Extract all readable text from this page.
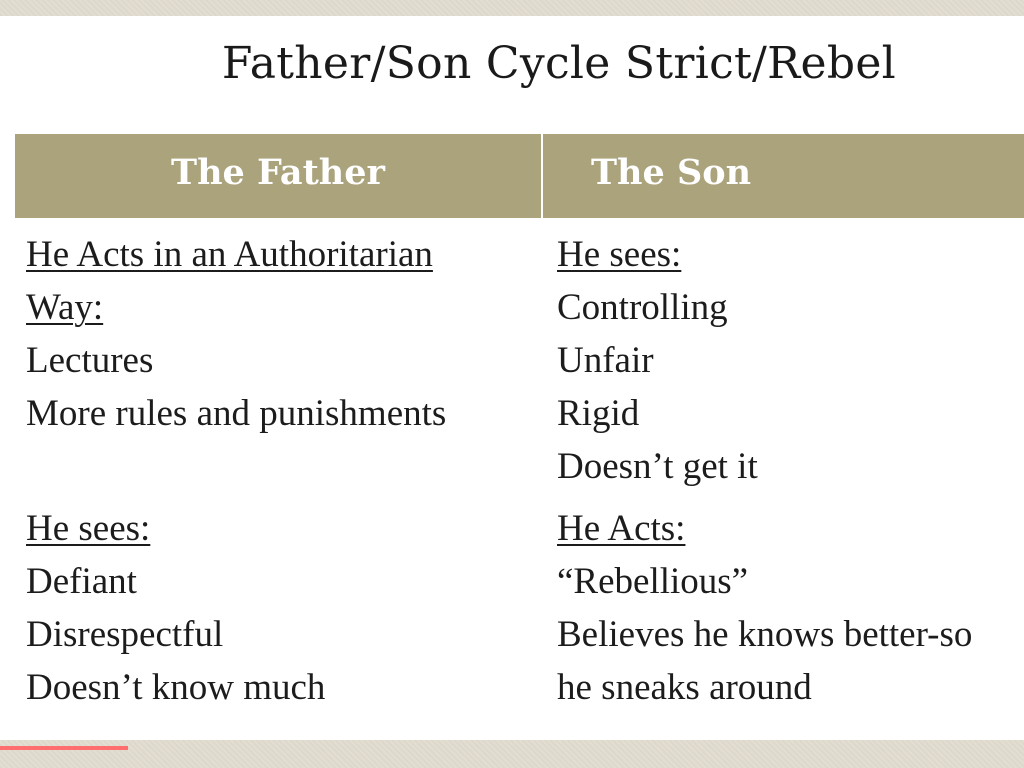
Father/Son Cycle Strict/Rebel
The Father	The Son
He Acts in an Authoritarian
Way:
Lectures
More rules and punishments
He sees:
Defiant
Disrespectful
Doesn’t know much
He sees:
Controlling
Unfair
Rigid
Doesn’t get it
He Acts:
“Rebellious”
Believes he knows better-so
he sneaks around
